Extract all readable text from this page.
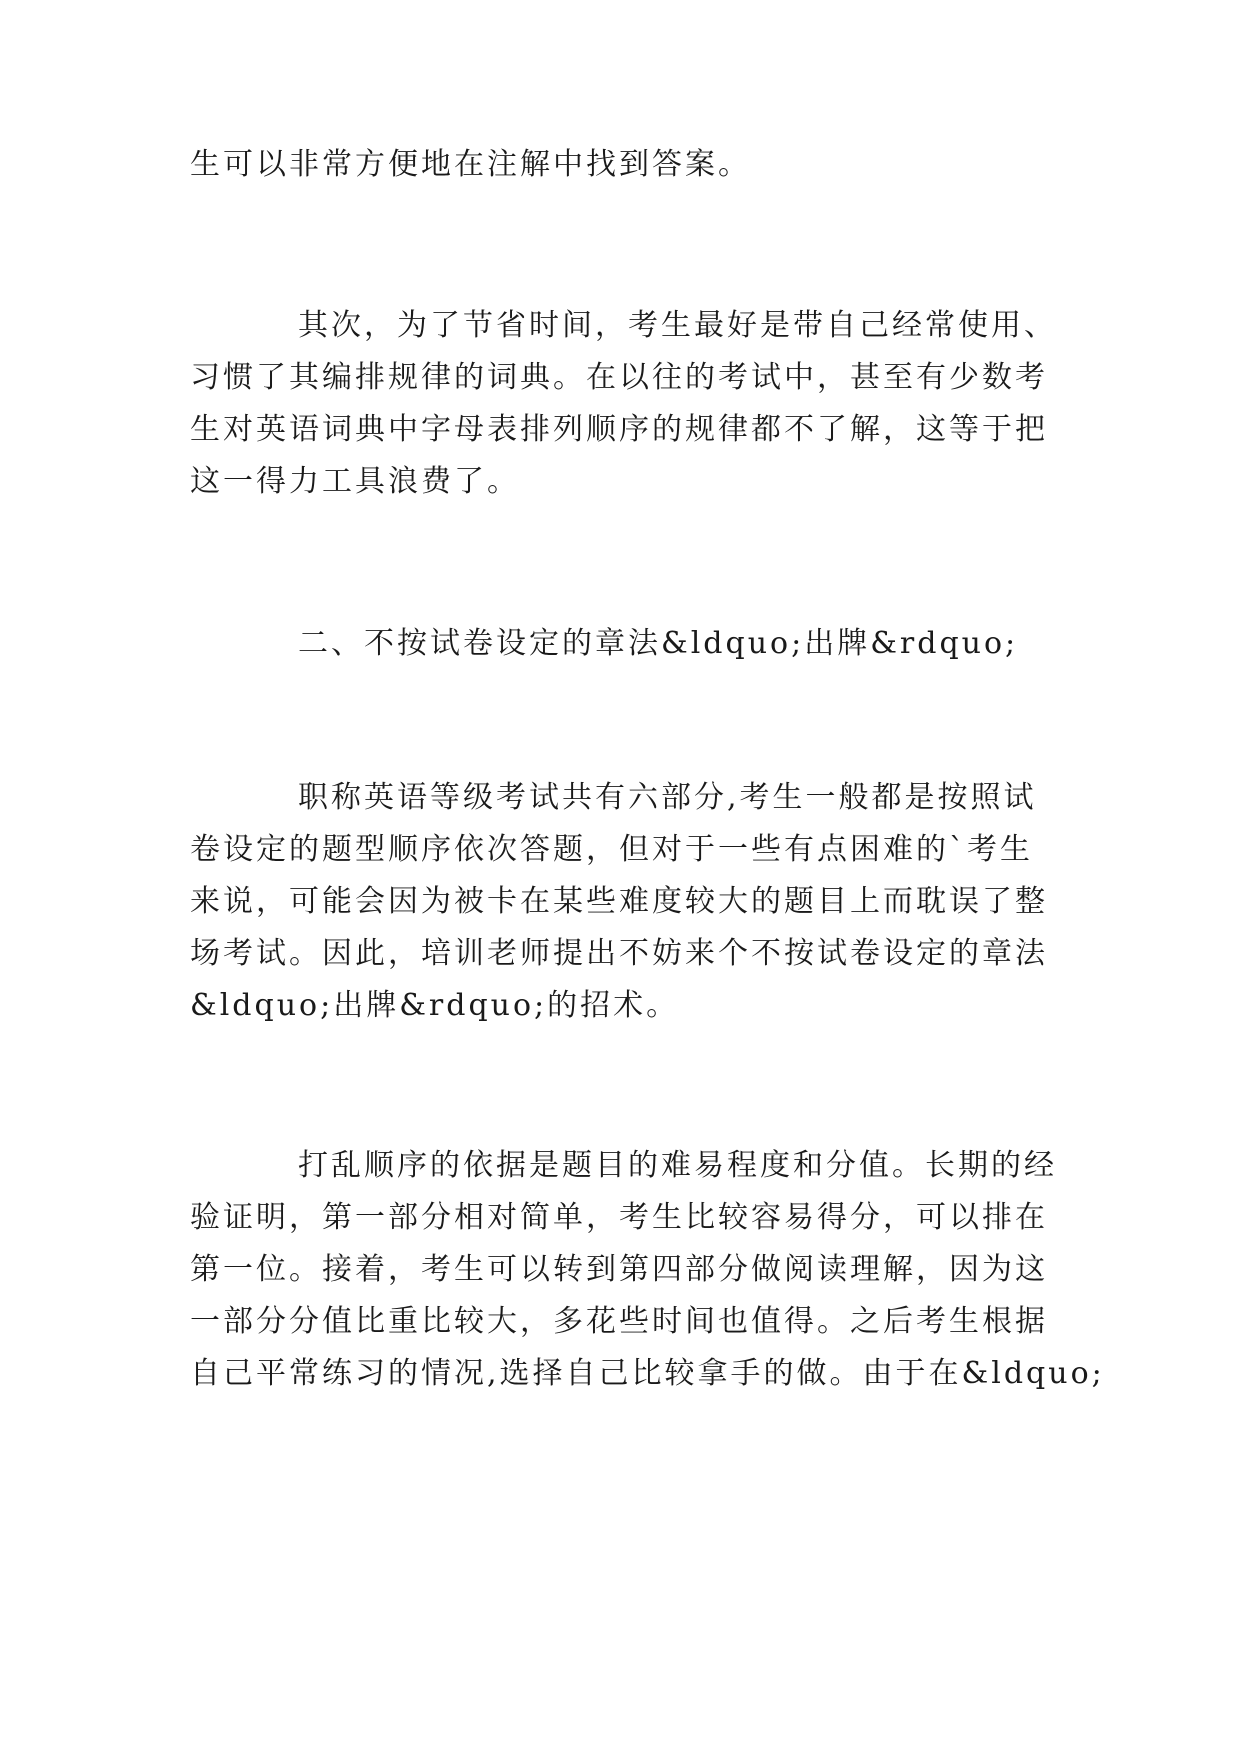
生可以非常方便地在注解中找到答案。
其次，为了节省时间，考生最好是带自己经常使用、
习惯了其编排规律的词典。在以往的考试中，甚至有少数考
生对英语词典中字母表排列顺序的规律都不了解，这等于把
这一得力工具浪费了。
二、不按试卷设定的章法&ldquo;出牌&rdquo;
职称英语等级考试共有六部分,考生一般都是按照试
卷设定的题型顺序依次答题，但对于一些有点困难的`考生
来说，可能会因为被卡在某些难度较大的题目上而耽误了整
场考试。因此，培训老师提出不妨来个不按试卷设定的章法
&ldquo;出牌&rdquo;的招术。
打乱顺序的依据是题目的难易程度和分值。长期的经
验证明，第一部分相对简单，考生比较容易得分，可以排在
第一位。接着，考生可以转到第四部分做阅读理解，因为这
一部分分值比重比较大，多花些时间也值得。之后考生根据
自己平常练习的情况,选择自己比较拿手的做。由于在&ldquo;
